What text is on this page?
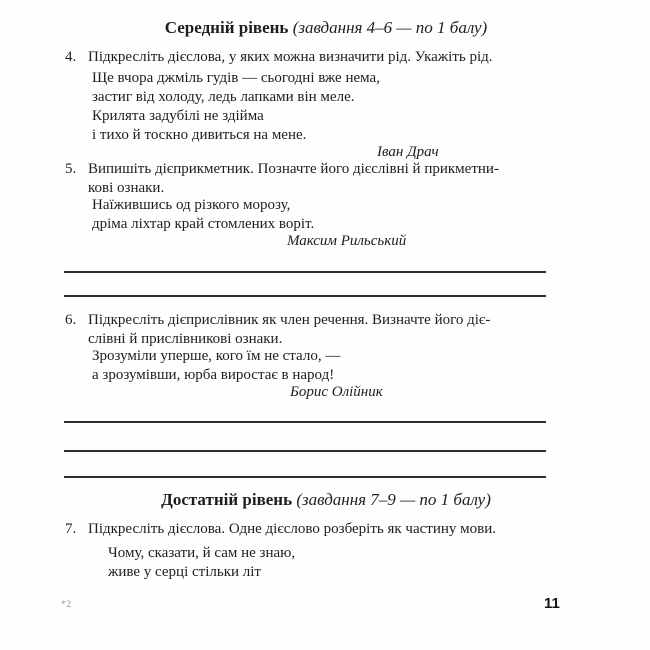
Середній рівень (завдання 4–6 — по 1 балу)
4. Підкресліть дієслова, у яких можна визначити рід. Укажіть рід.
Ще вчора джміль гудів — сьогодні вже нема,
застиг від холоду, ледь лапками він меле.
Крилята задубілі не здійма
і тихо й тоскно дивиться на мене.
Іван Драч
5. Випишіть дієприкметник. Позначте його дієслівні й прикметни-
кові ознаки.
Наїжившись од різкого морозу,
дріма ліхтар край стомлених воріт.
Максим Рильський
6. Підкресліть дієприслівник як член речення. Визначте його діє-
слівні й прислівникові ознаки.
Зрозуміли уперше, кого їм не стало, —
а зрозумівши, юрба виростає в народ!
Борис Олійник
Достатній рівень (завдання 7–9 — по 1 балу)
7. Підкресліть дієслова. Одне дієслово розберіть як частину мови.
Чому, сказати, й сам не знаю,
живе у серці стільки літ
*2	11
